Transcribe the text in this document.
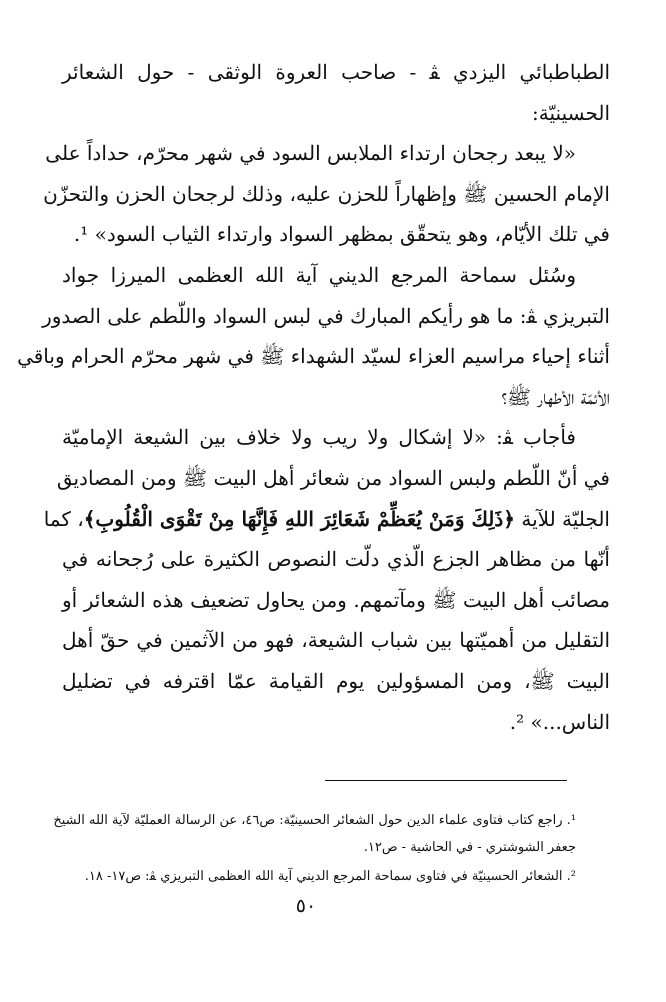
الطباطبائي اليزدي ﭭ - صاحب العروة الوثقى - حول الشعائر
الحسينيّة:
«لا يبعد رجحان ارتداء الملابس السود في شهر محرّم، حداداً على
الإمام الحسين ﷺ وإظهاراً للحزن عليه، وذلك لرجحان الحزن والتحزّن
في تلك الأيّام، وهو يتحقّق بمظهر السواد وارتداء الثياب السود» ¹.
وسُئل سماحة المرجع الديني آية الله العظمى الميرزا جواد
التبريزي ﭭ: ما هو رأيكم المبارك في لبس السواد واللّطم على الصدور
أثناء إحياء مراسيم العزاء لسيّد الشهداء ﷺ في شهر محرّم الحرام وباقي
الأئمّة الأطهار ﷺ؟
فأجاب ﭭ: «لا إشكال ولا ريب ولا خلاف بين الشيعة الإماميّة
في أنّ اللّطم ولبس السواد من شعائر أهل البيت ﷺ ومن المصاديق
الجليّة للآية ﴿ذَلِكَ وَمَنْ يُعَظِّمْ شَعَائِرَ اللهِ فَإِنَّهَا مِنْ تَقْوَى الْقُلُوبِ﴾، كما
أنّها من مظاهر الجزع الّذي دلّت النصوص الكثيرة على رُجحانه في
مصائب أهل البيت ﷺ ومآتمهم. ومن يحاول تضعيف هذه الشعائر أو
التقليل من أهميّتها بين شباب الشيعة، فهو من الآثمين في حقّ أهل
البيت ﷺ، ومن المسؤولين يوم القيامة عمّا اقترفه في تضليل
الناس...» ².
¹. راجع كتاب فتاوى علماء الدين حول الشعائر الحسينيّة: ص٤٦، عن الرسالة العمليّة لآية الله الشيخ
جعفر الشوشتري - في الحاشية - ص١٢.
². الشعائر الحسينيّة في فتاوى سماحة المرجع الديني آية الله العظمى التبريزي ﭭ: ص١٧- ١٨.
٥٠
